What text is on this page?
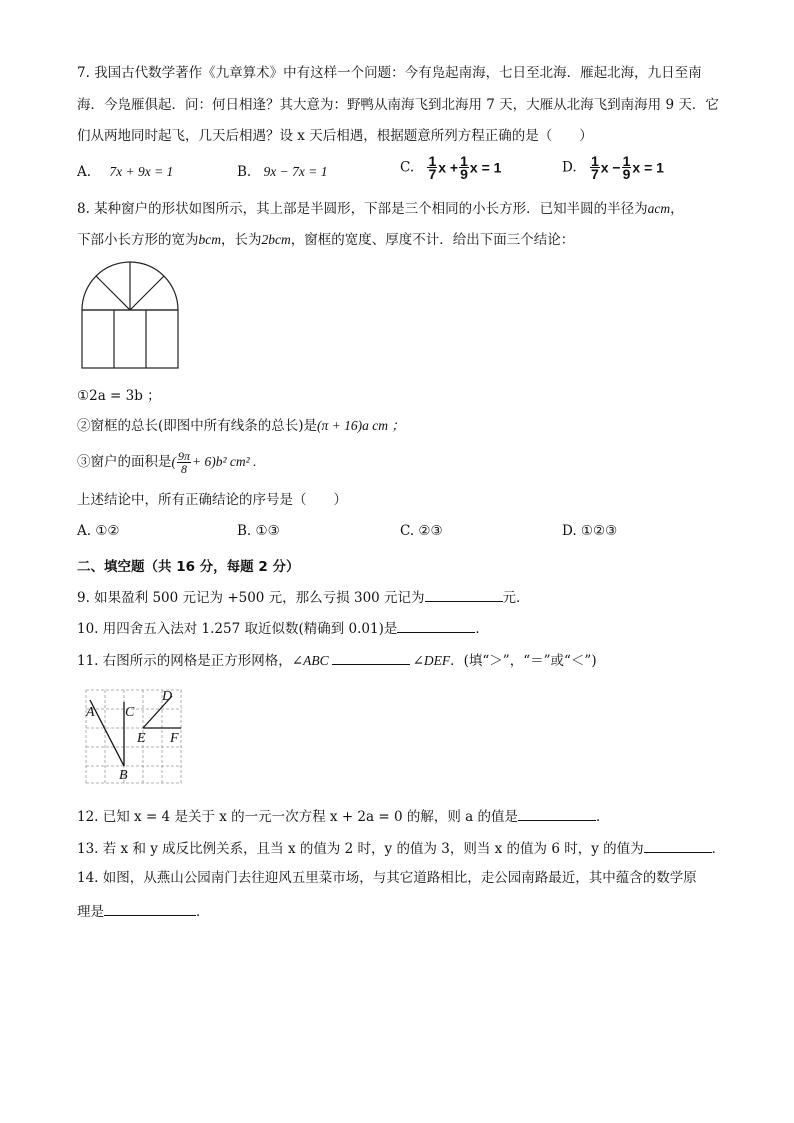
7. 我国古代数学著作《九章算术》中有这样一个问题：今有凫起南海，七日至北海．雁起北海，九日至南
海．今凫雁俱起．问：何日相逢？其大意为：野鸭从南海飞到北海用 7 天，大雁从北海飞到南海用 9 天．它
们从两地同时起飞，几天后相遇？设 x 天后相遇，根据题意所列方程正确的是（　　）
A. 7x + 9x = 1	B. 9x − 7x = 1	C. $\frac{1}{7}$ $x + \frac{1}{9}$ x = 1	D. $\frac{1}{7}$ $x - \frac{1}{9}$ x = 1
8. 某种窗户的形状如图所示，其上部是半圆形，下部是三个相同的小长方形．已知半圆的半径为acm，
下部小长方形的宽为bcm，长为2bcm，窗框的宽度、厚度不计．给出下面三个结论：
①2a = 3b ；
②窗框的总长(即图中所有线条的总长)是(π + 16)a cm ；
③窗户的面积是( $\frac{9\pi}{8} + 6)b^2$ cm² .
上述结论中，所有正确结论的序号是（　　）
A. ①②	B. ①③	C. ②③	D. ①②③
二、填空题（共 16 分，每题 2 分）
9. 如果盈利 500 元记为 +500 元，那么亏损 300 元记为	元．
10. 用四舍五入法对 1.257 取近似数(精确到 0.01)是	．
11. 右图所示的网格是正方形网格，∠ABC	∠DEF．(填“＞”，“＝”或“＜”)
A C
D
E F
B
12. 已知 x = 4 是关于 x 的一元一次方程 x + 2a = 0 的解，则 a 的值是	．
13. 若 x 和 y 成反比例关系，且当 x 的值为 2 时，y 的值为 3，则当 x 的值为 6 时，y 的值为	．
14. 如图，从燕山公园南门去往迎风五里菜市场，与其它道路相比，走公园南路最近，其中蕴含的数学原
理是	．
